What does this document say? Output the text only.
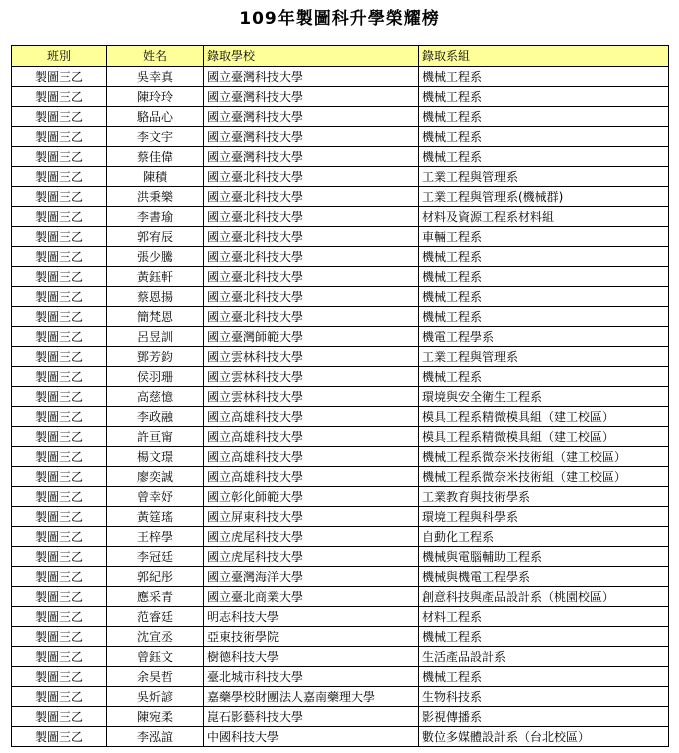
109年製圖科升學榮耀榜
班別	姓名	錄取學校	錄取系組
製圖三乙	吳幸真	國立臺灣科技大學	機械工程系
製圖三乙	陳玲玲	國立臺灣科技大學	機械工程系
製圖三乙	駱品心	國立臺灣科技大學	機械工程系
製圖三乙	李文宇	國立臺灣科技大學	機械工程系
製圖三乙	蔡佳偉	國立臺灣科技大學	機械工程系
製圖三乙	陳積	國立臺北科技大學	工業工程與管理系
製圖三乙	洪秉樂	國立臺北科技大學	工業工程與管理系(機械群)
製圖三乙	李書瑜	國立臺北科技大學	材料及資源工程系材料組
製圖三乙	郭宥辰	國立臺北科技大學	車輛工程系
製圖三乙	張少騰	國立臺北科技大學	機械工程系
製圖三乙	黃鈺軒	國立臺北科技大學	機械工程系
製圖三乙	蔡恩揚	國立臺北科技大學	機械工程系
製圖三乙	簡梵恩	國立臺北科技大學	機械工程系
製圖三乙	呂昱訓	國立臺灣師範大學	機電工程學系
製圖三乙	鄧芳鈞	國立雲林科技大學	工業工程與管理系
製圖三乙	侯羽珊	國立雲林科技大學	機械工程系
製圖三乙	高慈憶	國立雲林科技大學	環境與安全衛生工程系
製圖三乙	李政融	國立高雄科技大學	模具工程系精微模具組（建工校區）
製圖三乙	許亘甯	國立高雄科技大學	模具工程系精微模具組（建工校區）
製圖三乙	楊文璟	國立高雄科技大學	機械工程系微奈米技術組（建工校區）
製圖三乙	廖奕誠	國立高雄科技大學	機械工程系微奈米技術組（建工校區）
製圖三乙	曾幸妤	國立彰化師範大學	工業教育與技術學系
製圖三乙	黃筳瑤	國立屏東科技大學	環境工程與科學系
製圖三乙	王梓學	國立虎尾科技大學	自動化工程系
製圖三乙	李冠廷	國立虎尾科技大學	機械與電腦輔助工程系
製圖三乙	郭紀彤	國立臺灣海洋大學	機械與機電工程學系
製圖三乙	應采青	國立臺北商業大學	創意科技與產品設計系（桃園校區）
製圖三乙	范睿廷	明志科技大學	材料工程系
製圖三乙	沈宣丞	亞東技術學院	機械工程系
製圖三乙	曾鈺文	樹德科技大學	生活產品設計系
製圖三乙	余昊哲	臺北城市科技大學	機械工程系
製圖三乙	吳炘諺	嘉藥學校財團法人嘉南藥理大學	生物科技系
製圖三乙	陳宛柔	崑石影藝科技大學	影視傳播系
製圖三乙	李泓誼	中國科技大學	數位多媒體設計系（台北校區）
